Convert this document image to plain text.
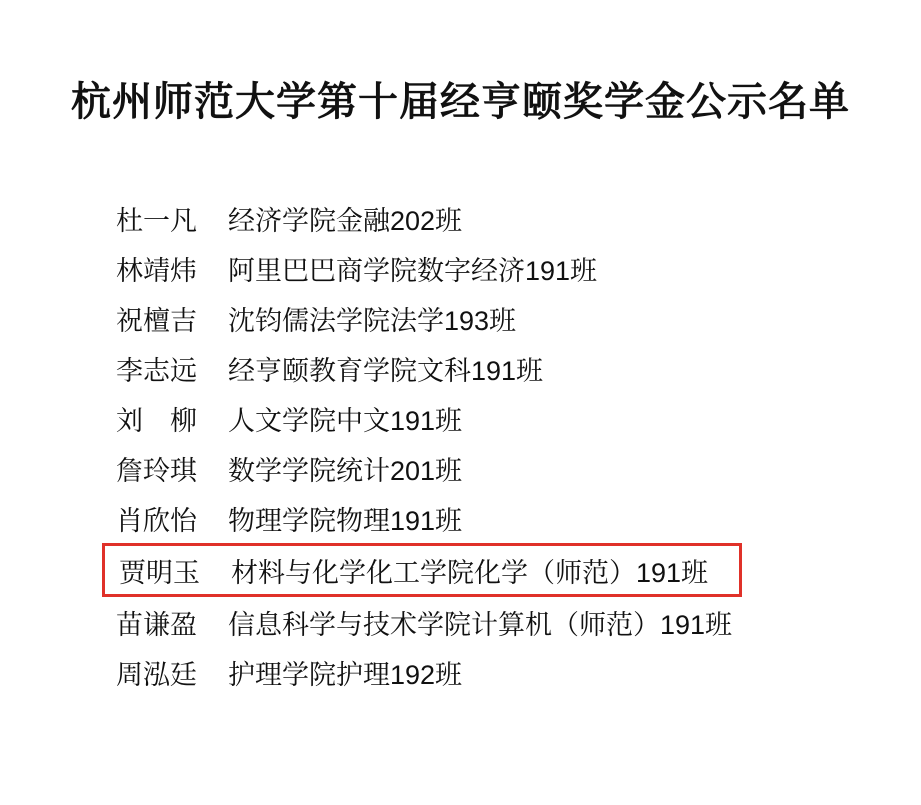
杭州师范大学第十届经亨颐奖学金公示名单
杜一凡	经济学院金融202班
林靖炜	阿里巴巴商学院数字经济191班
祝檀吉	沈钧儒法学院法学193班
李志远	经亨颐教育学院文科191班
刘　柳	人文学院中文191班
詹玲琪	数学学院统计201班
肖欣怡	物理学院物理191班
贾明玉	材料与化学化工学院化学（师范）191班
苗谦盈	信息科学与技术学院计算机（师范）191班
周泓廷	护理学院护理192班
